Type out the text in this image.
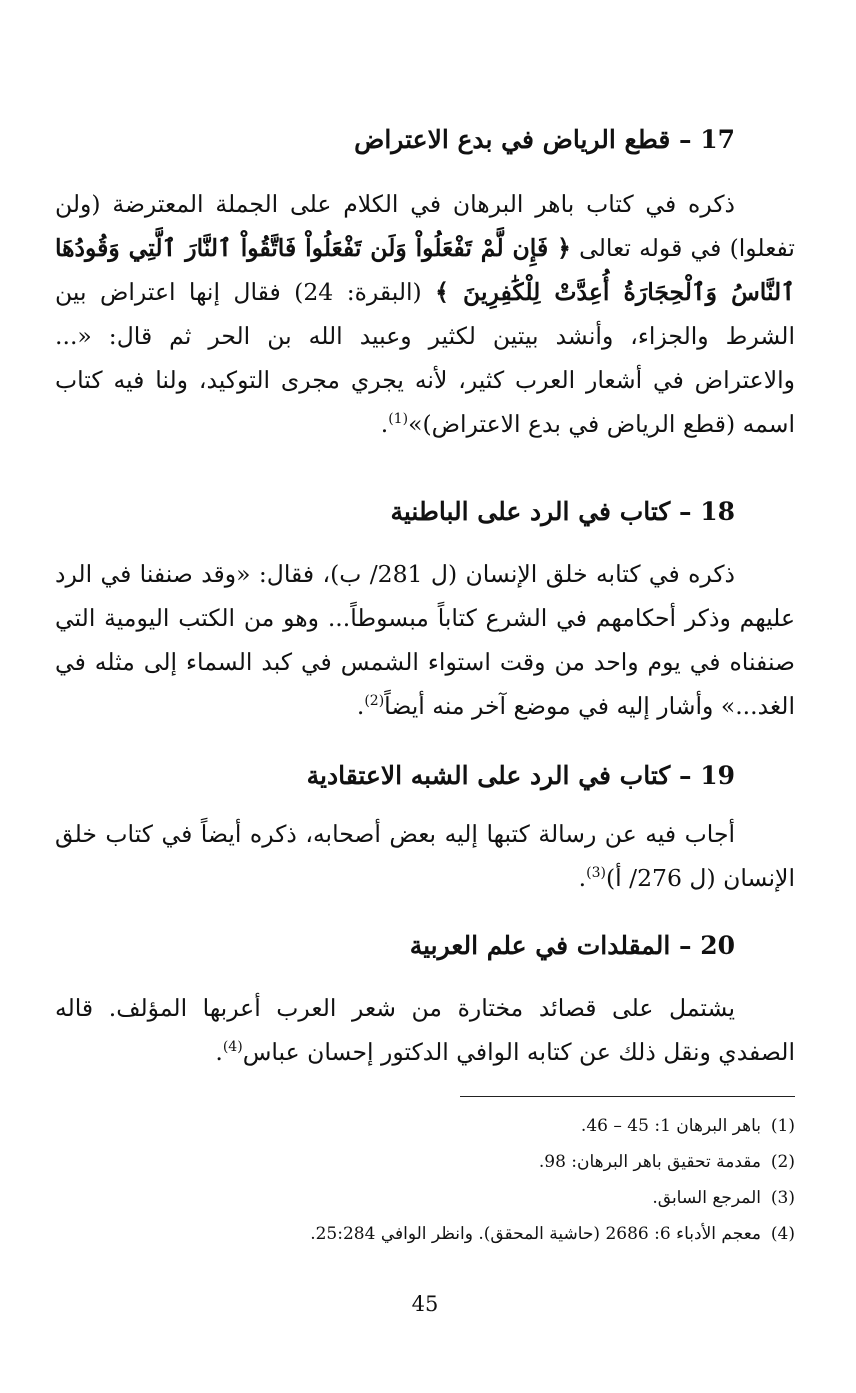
17 – قطع الرياض في بدع الاعتراض
ذكره في كتاب باهر البرهان في الكلام على الجملة المعترضة (ولن تفعلوا) في قوله تعالى ﴿ فَإِن لَّمْ تَفْعَلُواْ وَلَن تَفْعَلُواْ فَاتَّقُواْ ٱلنَّارَ ٱلَّتِي وَقُودُهَا ٱلنَّاسُ وَٱلْحِجَارَةُ أُعِدَّتْ لِلْكَٰفِرِينَ ﴾ (البقرة: 24) فقال إنها اعتراض بين الشرط والجزاء، وأنشد بيتين لكثير وعبيد الله بن الحر ثم قال: «... والاعتراض في أشعار العرب كثير، لأنه يجري مجرى التوكيد، ولنا فيه كتاب اسمه (قطع الرياض في بدع الاعتراض)»$^{(1)}$.
18 – كتاب في الرد على الباطنية
ذكره في كتابه خلق الإنسان (ل 281/ ب)، فقال: «وقد صنفنا في الرد عليهم وذكر أحكامهم في الشرع كتاباً مبسوطاً... وهو من الكتب اليومية التي صنفناه في يوم واحد من وقت استواء الشمس في كبد السماء إلى مثله في الغد...» وأشار إليه في موضع آخر منه أيضاً$^{(2)}$.
19 – كتاب في الرد على الشبه الاعتقادية
أجاب فيه عن رسالة كتبها إليه بعض أصحابه، ذكره أيضاً في كتاب خلق الإنسان (ل 276/ أ)$^{(3)}$.
20 – المقلدات في علم العربية
يشتمل على قصائد مختارة من شعر العرب أعربها المؤلف. قاله الصفدي ونقل ذلك عن كتابه الوافي الدكتور إحسان عباس$^{(4)}$.
(1)باهر البرهان 1: 45 – 46.
(2)مقدمة تحقيق باهر البرهان: 98.
(3)المرجع السابق.
(4)معجم الأدباء 6: 2686 (حاشية المحقق). وانظر الوافي 25:284.
45
